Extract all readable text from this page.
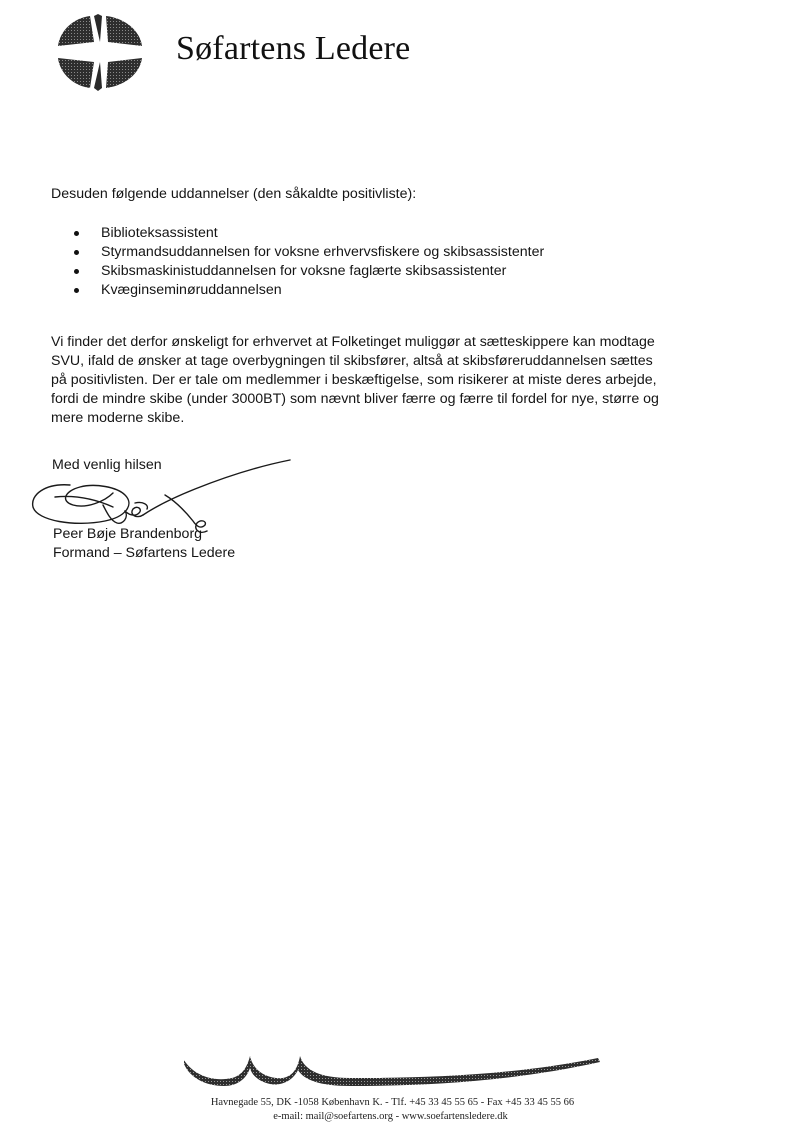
Søfartens Ledere
Desuden følgende uddannelser (den såkaldte positivliste):
Biblioteksassistent
Styrmandsuddannelsen for voksne erhvervsfiskere og skibsassistenter
Skibsmaskinistuddannelsen for voksne faglærte skibsassistenter
Kvæginseminøruddannelsen
Vi finder det derfor ønskeligt for erhvervet at Folketinget muliggør at sætteskippere kan modtage
SVU, ifald de ønsker at tage overbygningen til skibsfører, altså at skibsføreruddannelsen sættes
på positivlisten. Der er tale om medlemmer i beskæftigelse, som risikerer at miste deres arbejde,
fordi de mindre skibe (under 3000BT) som nævnt bliver færre og færre til fordel for nye, større og
mere moderne skibe.
Med venlig hilsen
Peer Bøje Brandenborg
Formand – Søfartens Ledere
Havnegade 55, DK -1058 København K. - Tlf. +45 33 45 55 65 - Fax +45 33 45 55 66
e-mail: mail@soefartens.org - www.soefartensledere.dk
